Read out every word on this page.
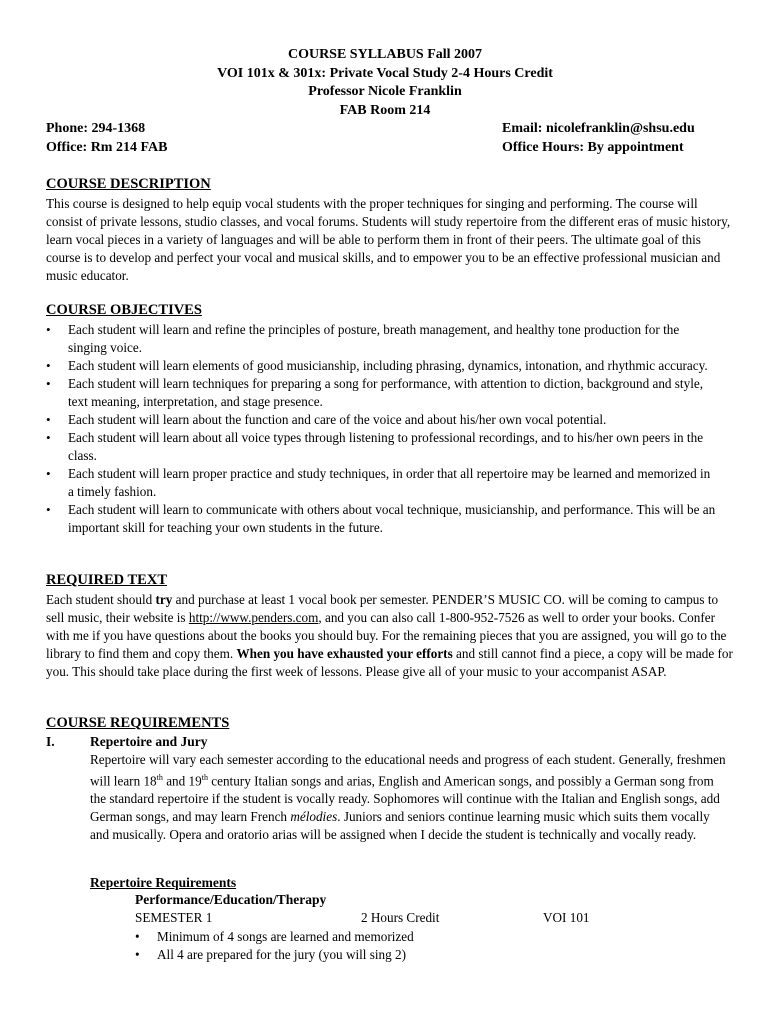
COURSE SYLLABUS Fall 2007
VOI 101x & 301x: Private Vocal Study 2-4 Hours Credit
Professor Nicole Franklin
FAB Room 214
Phone: 294-1368	Email: nicolefranklin@shsu.edu
Office: Rm 214 FAB	Office Hours: By appointment
COURSE DESCRIPTION
This course is designed to help equip vocal students with the proper techniques for singing and performing. The course will consist of private lessons, studio classes, and vocal forums. Students will study repertoire from the different eras of music history, learn vocal pieces in a variety of languages and will be able to perform them in front of their peers. The ultimate goal of this course is to develop and perfect your vocal and musical skills, and to empower you to be an effective professional musician and music educator.
COURSE OBJECTIVES
• Each student will learn and refine the principles of posture, breath management, and healthy tone production for the singing voice.
• Each student will learn elements of good musicianship, including phrasing, dynamics, intonation, and rhythmic accuracy.
• Each student will learn techniques for preparing a song for performance, with attention to diction, background and style, text meaning, interpretation, and stage presence.
• Each student will learn about the function and care of the voice and about his/her own vocal potential.
• Each student will learn about all voice types through listening to professional recordings, and to his/her own peers in the class.
• Each student will learn proper practice and study techniques, in order that all repertoire may be learned and memorized in a timely fashion.
• Each student will learn to communicate with others about vocal technique, musicianship, and performance. This will be an important skill for teaching your own students in the future.
REQUIRED TEXT
Each student should try and purchase at least 1 vocal book per semester. PENDER’S MUSIC CO. will be coming to campus to sell music, their website is http://www.penders.com, and you can also call 1-800-952-7526 as well to order your books. Confer with me if you have questions about the books you should buy. For the remaining pieces that you are assigned, you will go to the library to find them and copy them. When you have exhausted your efforts and still cannot find a piece, a copy will be made for you. This should take place during the first week of lessons. Please give all of your music to your accompanist ASAP.
COURSE REQUIREMENTS
I.	Repertoire and Jury
Repertoire will vary each semester according to the educational needs and progress of each student. Generally, freshmen will learn 18th and 19th century Italian songs and arias, English and American songs, and possibly a German song from the standard repertoire if the student is vocally ready. Sophomores will continue with the Italian and English songs, add German songs, and may learn French mélodies. Juniors and seniors continue learning music which suits them vocally and musically. Opera and oratorio arias will be assigned when I decide the student is technically and vocally ready.
Repertoire Requirements
Performance/Education/Therapy
SEMESTER 1	2 Hours Credit	VOI 101
• Minimum of 4 songs are learned and memorized
• All 4 are prepared for the jury (you will sing 2)
